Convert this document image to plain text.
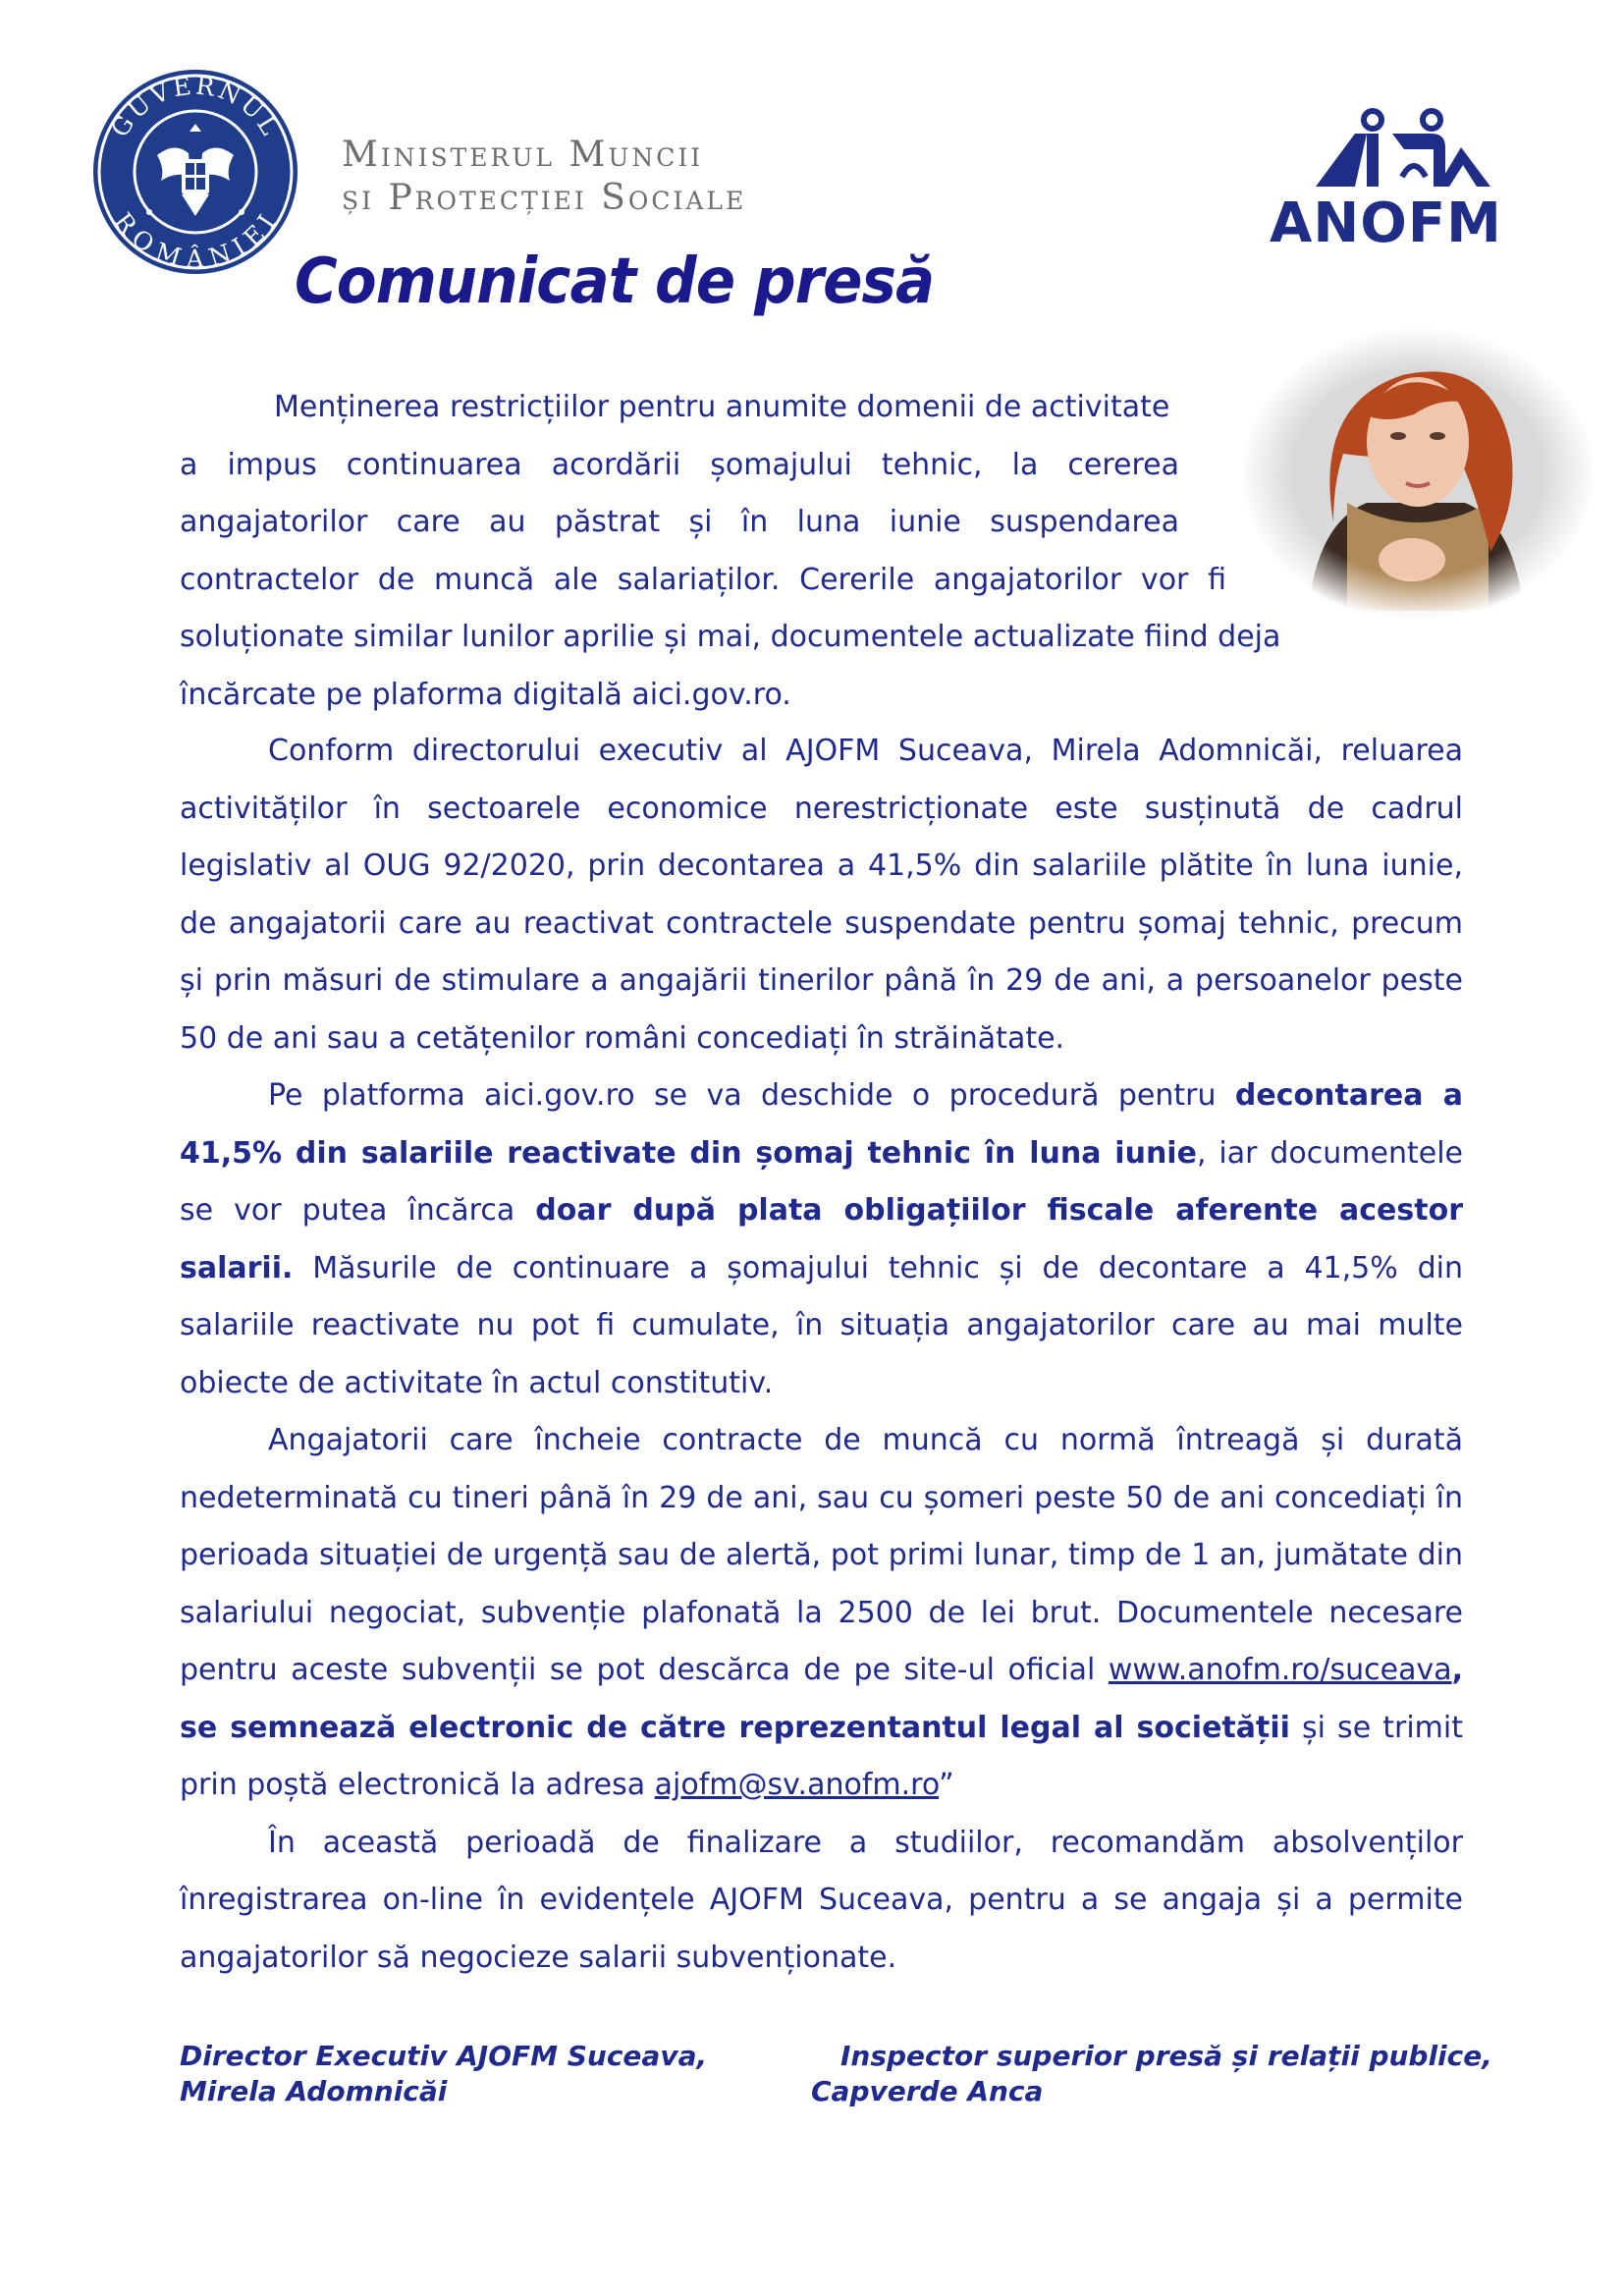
GUVERNUL
ROMÂNIEI
Ministerul Muncii
și Protecției Sociale	ANOFM
Comunicat de presă
Menținerea restricțiilor pentru anumite domenii de activitate
a impus continuarea acordării șomajului tehnic, la cererea
angajatorilor care au păstrat și în luna iunie suspendarea
contractelor de muncă ale salariaților. Cererile angajatorilor vor fi
soluționate similar lunilor aprilie și mai, documentele actualizate fiind deja
încărcate pe plaforma digitală aici.gov.ro.

Conform directorului executiv al AJOFM Suceava, Mirela Adomnicăi, reluarea activităților în sectoarele economice nerestricționate este susținută de cadrul legislativ al OUG 92/2020, prin decontarea a 41,5% din salariile plătite în luna iunie, de angajatorii care au reactivat contractele suspendate pentru șomaj tehnic, precum și prin măsuri de stimulare a angajării tinerilor până în 29 de ani, a persoanelor peste 50 de ani sau a cetățenilor români concediați în străinătate.

Pe platforma aici.gov.ro se va deschide o procedură pentru decontarea a 41,5% din salariile reactivate din șomaj tehnic în luna iunie, iar documentele se vor putea încărca doar după plata obligațiilor fiscale aferente acestor salarii. Măsurile de continuare a șomajului tehnic și de decontare a 41,5% din salariile reactivate nu pot fi cumulate, în situația angajatorilor care au mai multe obiecte de activitate în actul constitutiv.

Angajatorii care încheie contracte de muncă cu normă întreagă și durată nedeterminată cu tineri până în 29 de ani, sau cu șomeri peste 50 de ani concediați în perioada situației de urgență sau de alertă, pot primi lunar, timp de 1 an, jumătate din salariului negociat, subvenție plafonată la 2500 de lei brut. Documentele necesare pentru aceste subvenții se pot descărca de pe site-ul oficial www.anofm.ro/suceava, se semnează electronic de către reprezentantul legal al societății și se trimit prin poștă electronică la adresa ajofm@sv.anofm.ro”

În această perioadă de finalizare a studiilor, recomandăm absolvenților înregistrarea on-line în evidențele AJOFM Suceava, pentru a se angaja și a permite angajatorilor să negocieze salarii subvenționate.

Director Executiv AJOFM Suceava,
Mirela Adomnicăi
Inspector superior presă și relații publice,
Capverde Anca
